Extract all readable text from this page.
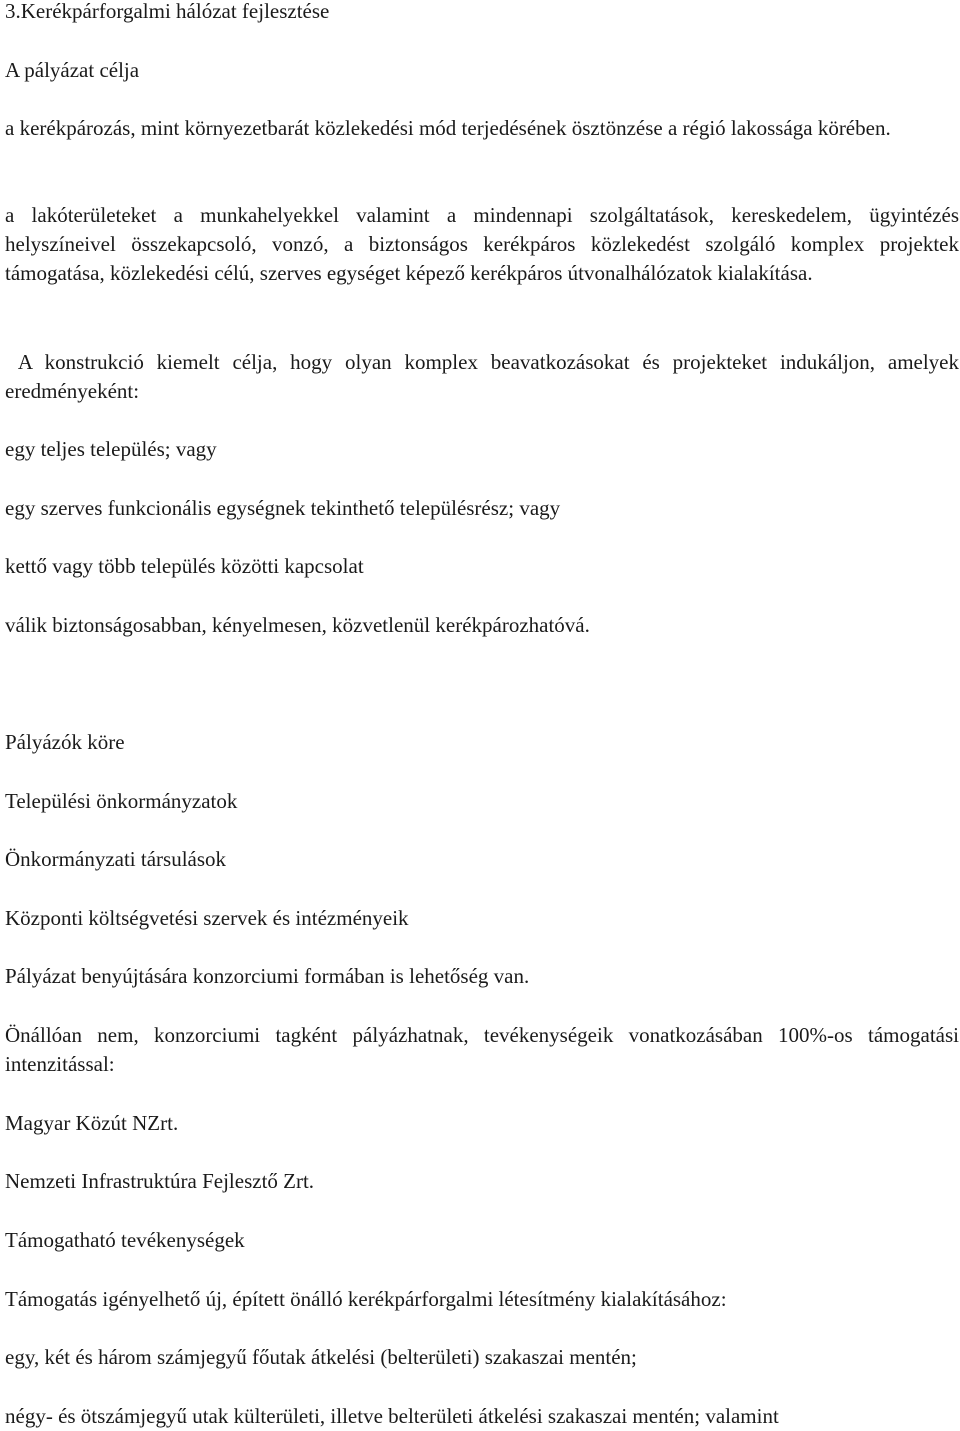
3.Kerékpárforgalmi hálózat fejlesztése

A pályázat célja

a kerékpározás, mint környezetbarát közlekedési mód terjedésének ösztönzése a régió lakossága körében.

a lakóterületeket a munkahelyekkel valamint a mindennapi szolgáltatások, kereskedelem, ügyintézés helyszíneivel összekapcsoló, vonzó, a biztonságos kerékpáros közlekedést szolgáló komplex projektek támogatása, közlekedési célú, szerves egységet képező kerékpáros útvonalhálózatok kialakítása.

A konstrukció kiemelt célja, hogy olyan komplex beavatkozásokat és projekteket indukáljon, amelyek eredményeként:

egy teljes település; vagy

egy szerves funkcionális egységnek tekinthető településrész; vagy

kettő vagy több település közötti kapcsolat

válik biztonságosabban, kényelmesen, közvetlenül kerékpározhatóvá.

Pályázók köre

Települési önkormányzatok

Önkormányzati társulások

Központi költségvetési szervek és intézményeik

Pályázat benyújtására konzorciumi formában is lehetőség van.

Önállóan nem, konzorciumi tagként pályázhatnak, tevékenységeik vonatkozásában 100%-os támogatási intenzitással:

Magyar Közút NZrt.

Nemzeti Infrastruktúra Fejlesztő Zrt.

Támogatható tevékenységek

Támogatás igényelhető új, épített önálló kerékpárforgalmi létesítmény kialakításához:

egy, két és három számjegyű főutak átkelési (belterületi) szakaszai mentén;

négy- és ötszámjegyű utak külterületi, illetve belterületi átkelési szakaszai mentén; valamint
